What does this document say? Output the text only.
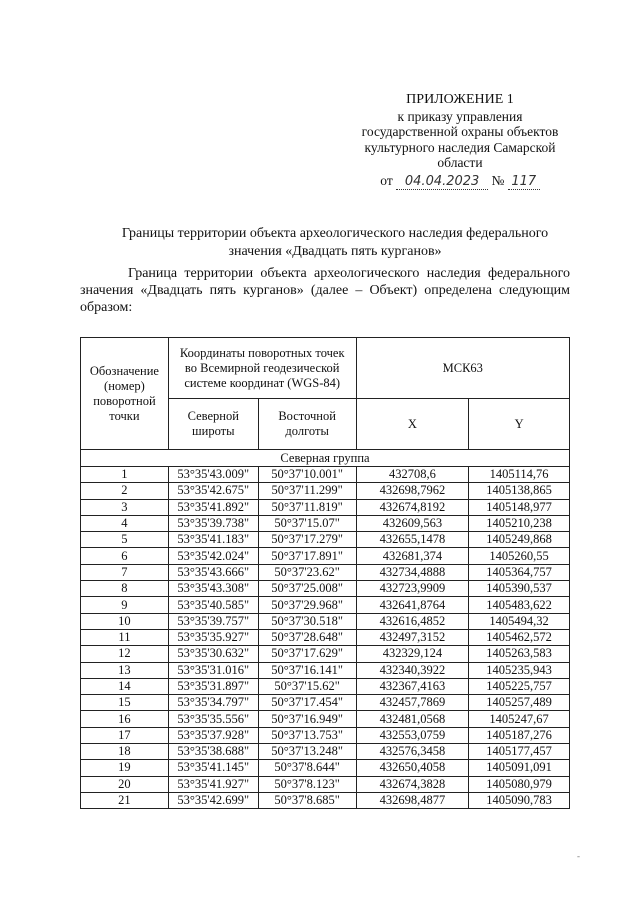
ПРИЛОЖЕНИЕ 1
к приказу управления
государственной охраны объектов
культурного наследия Самарской
области
от 04.04.2023 № 117
Границы территории объекта археологического наследия федерального значения «Двадцать пять курганов»
Граница территории объекта археологического наследия федерального значения «Двадцать пять курганов» (далее – Объект) определена следующим образом:
Обозначение (номер) поворотной точки	Координаты поворотных точек во Всемирной геодезической системе координат (WGS-84)		МСК63	
	Северной широты	Восточной долготы	X	Y
Северная группа				
1	53°35'43.009"	50°37'10.001"	432708,6	1405114,76
2	53°35'42.675"	50°37'11.299"	432698,7962	1405138,865
3	53°35'41.892"	50°37'11.819"	432674,8192	1405148,977
4	53°35'39.738"	50°37'15.07"	432609,563	1405210,238
5	53°35'41.183"	50°37'17.279"	432655,1478	1405249,868
6	53°35'42.024"	50°37'17.891"	432681,374	1405260,55
7	53°35'43.666"	50°37'23.62"	432734,4888	1405364,757
8	53°35'43.308"	50°37'25.008"	432723,9909	1405390,537
9	53°35'40.585"	50°37'29.968"	432641,8764	1405483,622
10	53°35'39.757"	50°37'30.518"	432616,4852	1405494,32
11	53°35'35.927"	50°37'28.648"	432497,3152	1405462,572
12	53°35'30.632"	50°37'17.629"	432329,124	1405263,583
13	53°35'31.016"	50°37'16.141"	432340,3922	1405235,943
14	53°35'31.897"	50°37'15.62"	432367,4163	1405225,757
15	53°35'34.797"	50°37'17.454"	432457,7869	1405257,489
16	53°35'35.556"	50°37'16.949"	432481,0568	1405247,67
17	53°35'37.928"	50°37'13.753"	432553,0759	1405187,276
18	53°35'38.688"	50°37'13.248"	432576,3458	1405177,457
19	53°35'41.145"	50°37'8.644"	432650,4058	1405091,091
20	53°35'41.927"	50°37'8.123"	432674,3828	1405080,979
21	53°35'42.699"	50°37'8.685"	432698,4877	1405090,783
-
